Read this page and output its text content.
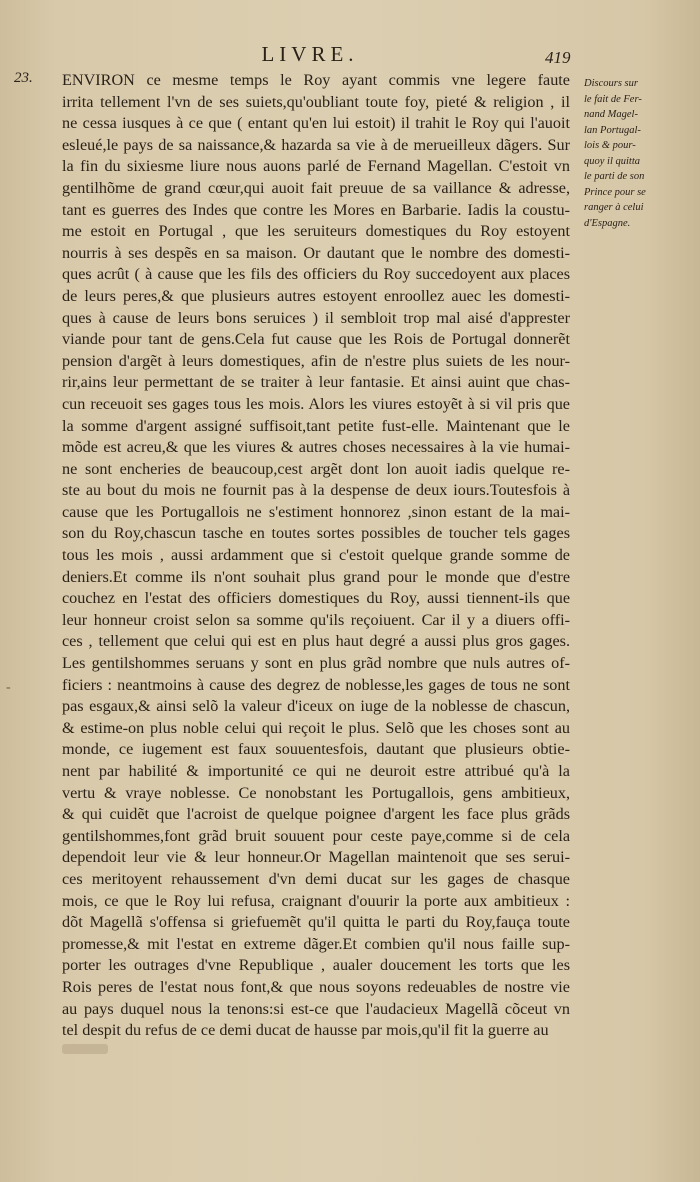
LIVRE.	419
23. ENVIRON ce mesme temps le Roy ayant commis vne legere faute
irrita tellement l'vn de ses suiets,qu'oubliant toute foy, pieté & religion , il
ne cessa iusques à ce que ( entant qu'en lui estoit) il trahit le Roy qui l'auoit
esleué,le pays de sa naissance,& hazarda sa vie à de merueilleux dãgers. Sur
la fin du sixiesme liure nous auons parlé de Fernand Magellan. C'estoit vn
gentilhõme de grand cœur,qui auoit fait preuue de sa vaillance & adresse,
tant es guerres des Indes que contre les Mores en Barbarie. Iadis la coustu-
me estoit en Portugal , que les seruiteurs domestiques du Roy estoyent
nourris à ses despẽs en sa maison. Or dautant que le nombre des domesti-
ques acrût ( à cause que les fils des officiers du Roy succedoyent aux places
de leurs peres,& que plusieurs autres estoyent enroollez auec les domesti-
ques à cause de leurs bons seruices ) il sembloit trop mal aisé d'apprester
viande pour tant de gens.Cela fut cause que les Rois de Portugal donnerẽt
pension d'argẽt à leurs domestiques, afin de n'estre plus suiets de les nour-
rir,ains leur permettant de se traiter à leur fantasie. Et ainsi auint que chas-
cun receuoit ses gages tous les mois. Alors les viures estoyẽt à si vil pris que
la somme d'argent assigné suffisoit,tant petite fust-elle. Maintenant que le
mõde est acreu,& que les viures & autres choses necessaires à la vie humai-
ne sont encheries de beaucoup,cest argẽt dont lon auoit iadis quelque re-
ste au bout du mois ne fournit pas à la despense de deux iours.Toutesfois à
cause que les Portugallois ne s'estiment honnorez ,sinon estant de la mai-
son du Roy,chascun tasche en toutes sortes possibles de toucher tels gages
tous les mois , aussi ardamment que si c'estoit quelque grande somme de
deniers.Et comme ils n'ont souhait plus grand pour le monde que d'estre
couchez en l'estat des officiers domestiques du Roy, aussi tiennent-ils que
leur honneur croist selon sa somme qu'ils reçoiuent. Car il y a diuers offi-
ces , tellement que celui qui est en plus haut degré a aussi plus gros gages.
Les gentilshommes seruans y sont en plus grãd nombre que nuls autres of-
ficiers : neantmoins à cause des degrez de noblesse,les gages de tous ne sont
pas esgaux,& ainsi selõ la valeur d'iceux on iuge de la noblesse de chascun,
& estime-on plus noble celui qui reçoit le plus. Selõ que les choses sont au
monde, ce iugement est faux souuentesfois, dautant que plusieurs obtie-
nent par habilité & importunité ce qui ne deuroit estre attribué qu'à la
vertu & vraye noblesse. Ce nonobstant les Portugallois, gens ambitieux,
& qui cuidẽt que l'acroist de quelque poignee d'argent les face plus grãds
gentilshommes,font grãd bruit souuent pour ceste paye,comme si de cela
dependoit leur vie & leur honneur.Or Magellan maintenoit que ses serui-
ces meritoyent rehaussement d'vn demi ducat sur les gages de chasque
mois, ce que le Roy lui refusa, craignant d'ouurir la porte aux ambitieux :
dõt Magellã s'offensa si griefuemẽt qu'il quitta le parti du Roy,fauça toute
promesse,& mit l'estat en extreme dãger.Et combien qu'il nous faille sup-
porter les outrages d'vne Republique , aualer doucement les torts que les
Rois peres de l'estat nous font,& que nous soyons redeuables de nostre vie
au pays duquel nous la tenons:si est-ce que l'audacieux Magellã cõceut vn
tel despit du refus de ce demi ducat de hausse par mois,qu'il fit la guerre au
Discours sur
le fait de Fer-
nand Magel-
lan Portugal-
lois & pour-
quoy il quitta
le parti de son
Prince pour se
ranger à celui
d'Espagne.
-
